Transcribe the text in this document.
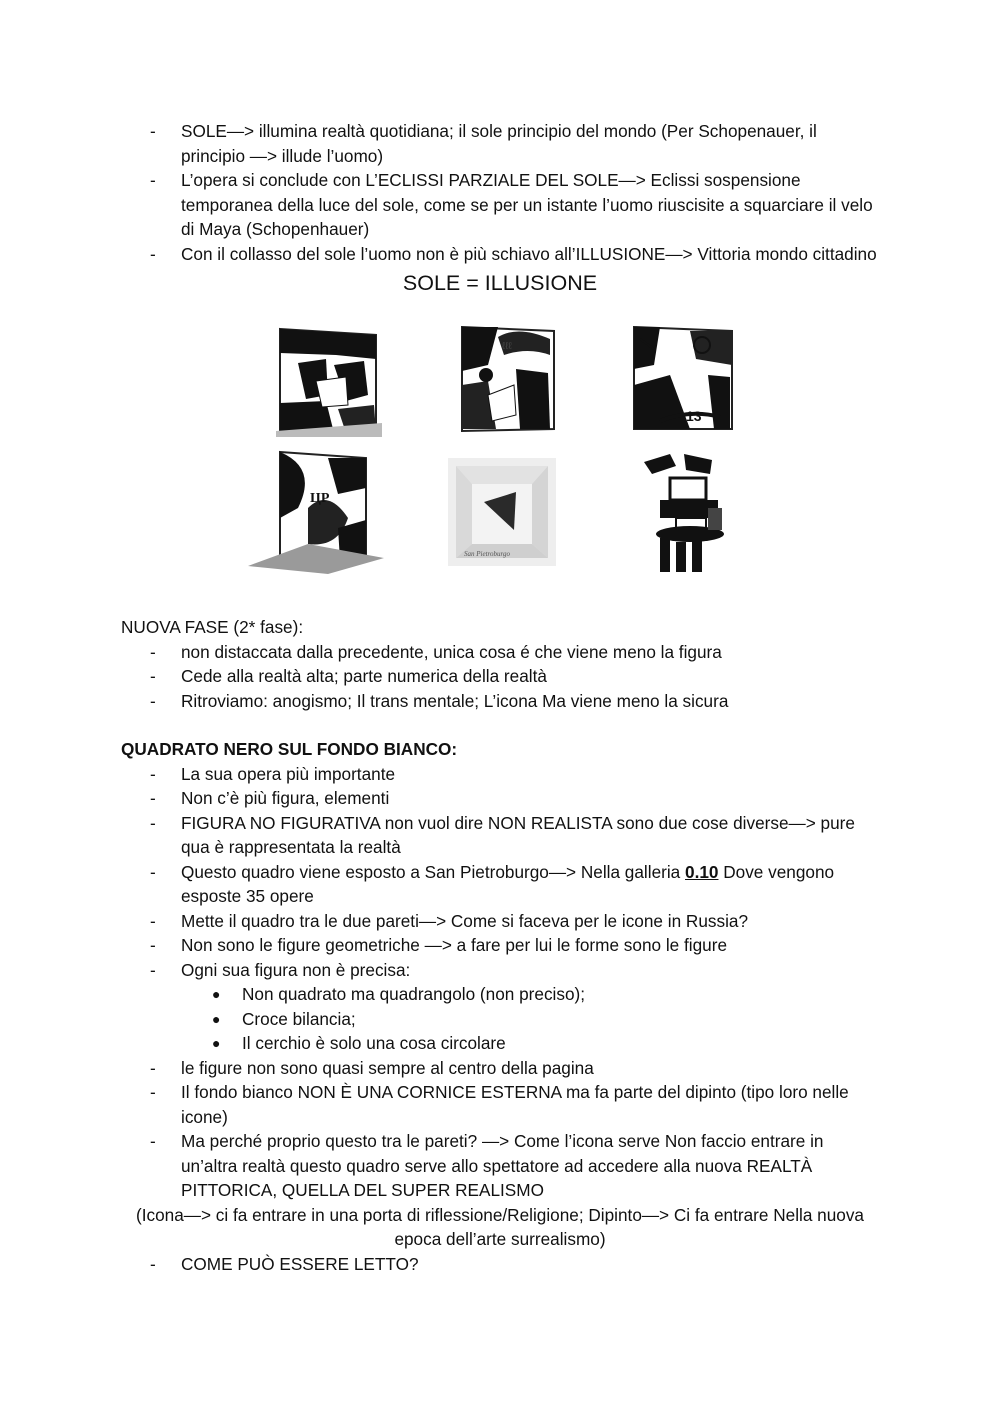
- SOLE—> illumina realtà quotidiana; il sole principio del mondo (Per Schopenauer, il principio —> illude l’uomo)
- L’opera si conclude con L’ECLISSI PARZIALE DEL SOLE—> Eclissi sospensione temporanea della luce del sole, come se per un istante l’uomo riuscisite a squarciare il velo di Maya (Schopenhauer)
- Con il collasso del sole l’uomo non è più schiavo all’ILLUSIONE—> Vittoria mondo cittadino
SOLE = ILLUSIONE
ℓℓℓ
13
ЦР
San Pietroburgo
NUOVA FASE (2* fase):
- non distaccata dalla precedente, unica cosa é che viene meno la figura
- Cede alla realtà alta; parte numerica della realtà
- Ritroviamo: anogismo; Il trans mentale; L’icona Ma viene meno la sicura
QUADRATO NERO SUL FONDO BIANCO:
- La sua opera più importante
- Non c’è più figura, elementi
- FIGURA NO FIGURATIVA non vuol dire NON REALISTA sono due cose diverse—> pure qua è rappresentata la realtà
- Questo quadro viene esposto a San Pietroburgo—> Nella galleria 0.10 Dove vengono esposte 35 opere
- Mette il quadro tra le due pareti—> Come si faceva per le icone in Russia?
- Non sono le figure geometriche —> a fare per lui le forme sono le figure
- Ogni sua figura non è precisa:
● Non quadrato ma quadrangolo (non preciso);
● Croce bilancia;
● Il cerchio è solo una cosa circolare
- le figure non sono quasi sempre al centro della pagina
- Il fondo bianco NON È UNA CORNICE ESTERNA ma fa parte del dipinto (tipo loro nelle icone)
- Ma perché proprio questo tra le pareti? —> Come l’icona serve Non faccio entrare in un’altra realtà questo quadro serve allo spettatore ad accedere alla nuova REALTÀ PITTORICA, QUELLA DEL SUPER REALISMO
(Icona—> ci fa entrare in una porta di riflessione/Religione; Dipinto—> Ci fa entrare Nella nuova epoca dell’arte surrealismo)
- COME PUÒ ESSERE LETTO?
